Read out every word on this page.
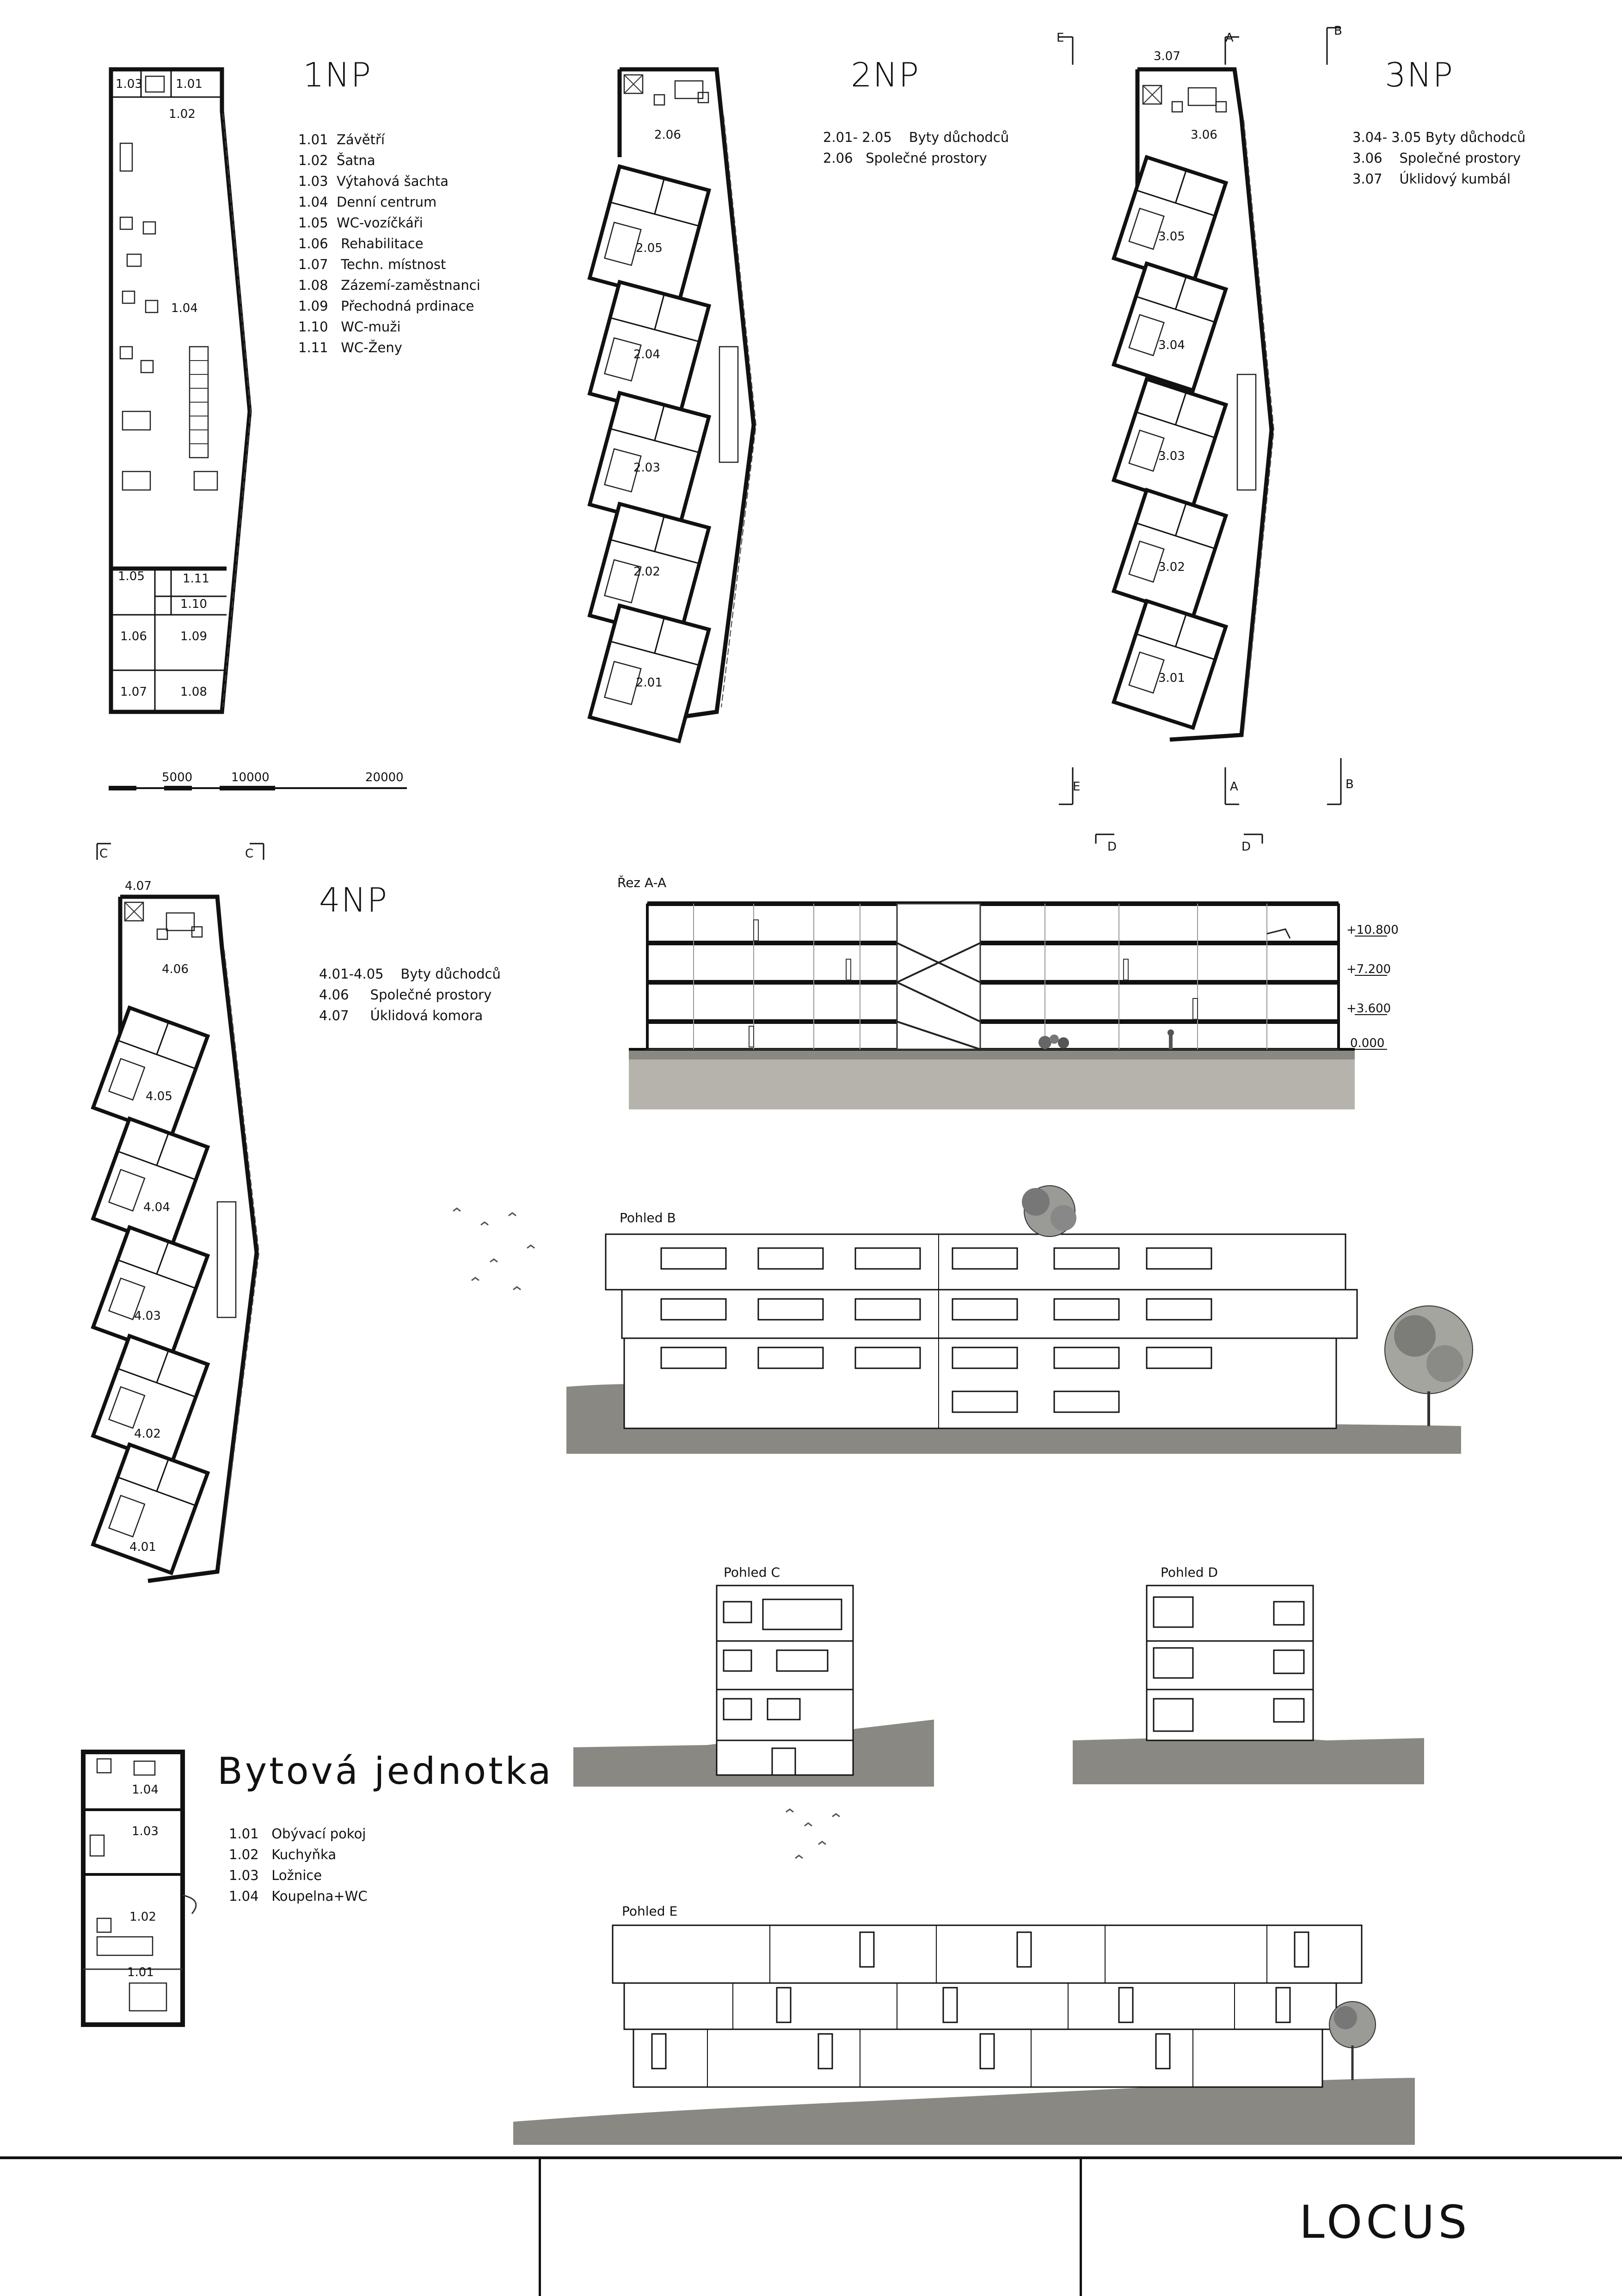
1.03	1.01
1.02
1.04
1.05	1.11
1.10
1.06	1.09
1.07	1.08
1NP
1.01  Závětří
1.02  Šatna
1.03  Výtahová šachta
1.04  Denní centrum
1.05  WC-vozíčkáři
1.06   Rehabilitace
1.07   Techn. místnost
1.08   Zázemí-zaměstnanci
1.09   Přechodná prdinace
1.10   WC-muži
1.11   WC-Ženy
5000	10000	20000
2.06
2.05
2.04
2.03
2.02
2.01
2NP
2.01- 2.05    Byty důchodců
2.06   Společné prostory
3.07
3.06
3.05
3.04
3.03
3.02
3.01
3NP
3.04- 3.05 Byty důchodců
3.06    Společné prostory
3.07    Úklidový kumbál
E	A	B
E	A	B
D	D
C	C
4.07
4.06
4.05
4.04
4.03
4.02
4.01
4NP
4.01-4.05    Byty důchodců
4.06     Společné prostory
4.07     Úklidová komora
Řez A-A
+10.800
+7.200
+3.600
0.000
Pohled B
Pohled C	Pohled D
Pohled E
1.04
1.03
1.02
1.01
Bytová jednotka
1.01   Obývací pokoj
1.02   Kuchyňka
1.03   Ložnice
1.04   Koupelna+WC
LOCUS
